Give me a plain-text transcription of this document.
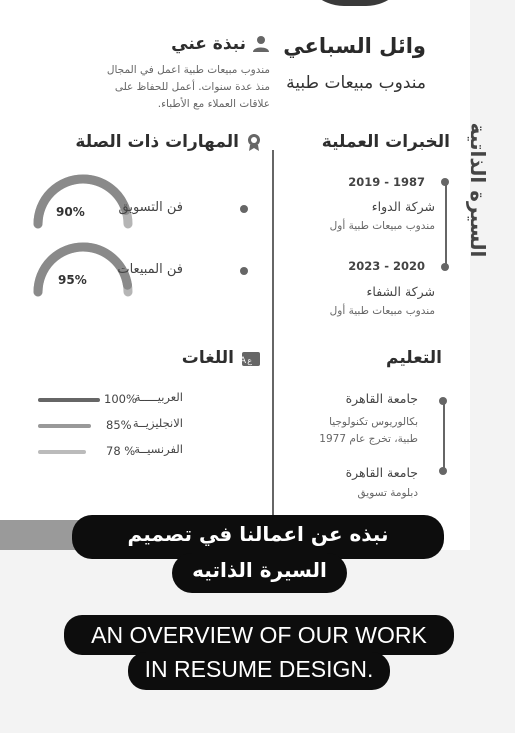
وائل السباعي
مندوب مبيعات طبية
نبذة عني
مندوب مبيعات طبية اعمل في المجال
منذ عدة سنوات. أعمل للحفاظ على
علاقات العملاء مع الأطباء.
السيرة الذاتية
الخبرات العملية
1987 - 2019
شركة الدواء
مندوب مبيعات طبية أول
2020 - 2023
شركة الشفاء
مندوب مبيعات طبية أول
المهارات ذات الصلة
90%	فن التسويق
95%
فن المبيعات
التعليم
جامعة القاهرة
بكالوريوس تكنولوجيا
طبية، تخرج عام 1977
جامعة القاهرة
دبلومة تسويق
A ع
اللغات
العربيـــــة
100%
الانجليزيــة
85%
الفرنسيــة
78 %
نبذه عن اعمالنا في تصميم
السيرة الذاتيه
AN OVERVIEW OF OUR WORK
IN RESUME DESIGN.
